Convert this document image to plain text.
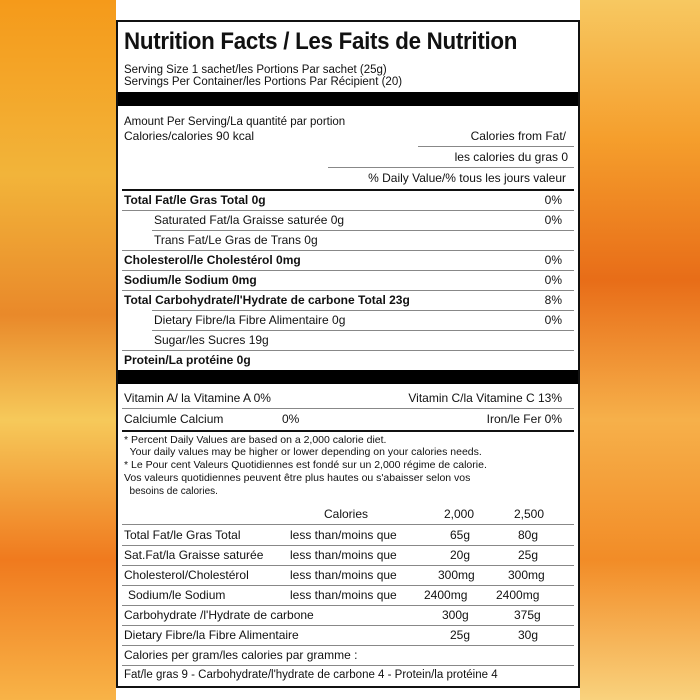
Nutrition Facts / Les Faits de Nutrition
Serving Size 1 sachet/les Portions Par sachet (25g)
Servings Per Container/les Portions Par Récipient (20)
Amount Per Serving/La quantité par portion
Calories/calories 90 kcal	Calories from Fat/
les calories du gras 0
% Daily Value/% tous les jours valeur
Total Fat/le Gras Total 0g	0%
Saturated Fat/la Graisse saturée 0g	0%
Trans Fat/Le Gras de Trans 0g
Cholesterol/le Cholestérol 0mg	0%
Sodium/le Sodium 0mg	0%
Total Carbohydrate/l'Hydrate de carbone Total 23g	8%
Dietary Fibre/la Fibre Alimentaire 0g	0%
Sugar/les Sucres 19g
Protein/La protéine 0g
Vitamin A/ la Vitamine A 0%	Vitamin C/la Vitamine C 13%
Calciumle Calcium	0%	Iron/le Fer 0%
* Percent Daily Values are based on a 2,000 calorie diet.
Your daily values may be higher or lower depending on your calories needs.
* Le Pour cent Valeurs Quotidiennes est fondé sur un 2,000 régime de calorie.
Vos valeurs quotidiennes peuvent être plus hautes ou s'abaisser selon vos
besoins de calories.
Calories	2,000	2,500
Total Fat/le Gras Total	less than/moins que	65g	80g
Sat.Fat/la Graisse saturée less than/moins que	20g	25g
Cholesterol/Cholestérol	less than/moins que	300mg	300mg
Sodium/le Sodium	less than/moins que 2400mg 2400mg
Carbohydrate /l'Hydrate de carbone	300g	375g
Dietary Fibre/la Fibre Alimentaire	25g	30g
Calories per gram/les calories par gramme :
Fat/le gras 9 - Carbohydrate/l'hydrate de carbone 4 - Protein/la protéine 4
